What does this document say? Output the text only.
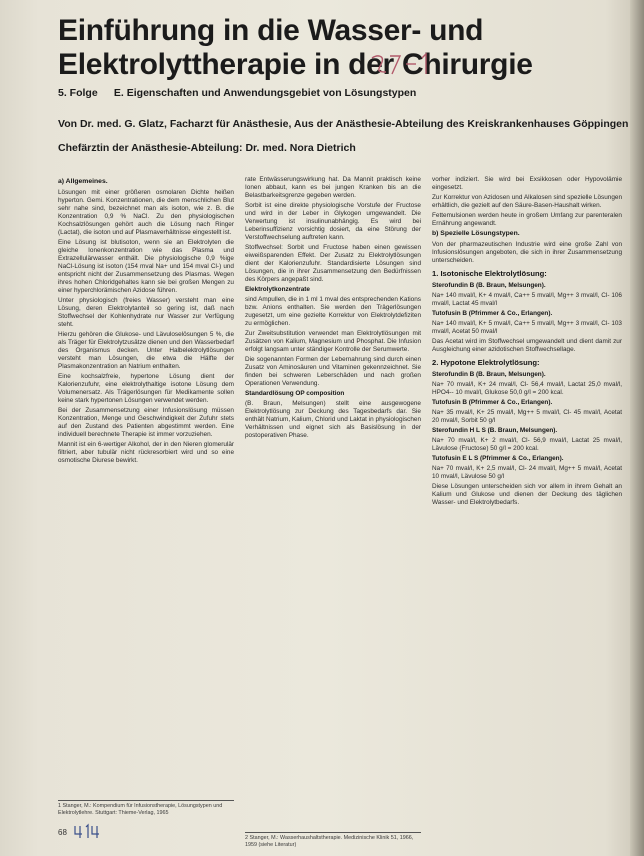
Einführung in die Wasser- und Elektrolyttherapie in der Chirurgie
5. Folge E. Eigenschaften und Anwendungsgebiet von Lösungstypen
Von Dr. med. G. Glatz, Facharzt für Anästhesie, Aus der Anästhesie-Abteilung des Kreiskrankenhauses Göppingen
Chefärztin der Anästhesie-Abteilung: Dr. med. Nora Dietrich

a) Allgemeines.

Lösungen mit einer größeren osmolaren Dichte heißen hyperton. Gemi. Konzentrationen, die dem menschlichen Blut sehr nahe sind, bezeichnet man als isoton, wie z. B. die Konzentration 0,9 % NaCl. Zu den physiologischen Kochsalzlösungen gehört auch die Lösung nach Ringer (Lactat), die isoton und auf Plasmaverhältnisse eingestellt ist.

Eine Lösung ist blutisoton, wenn sie an Elektrolyten die gleiche Ionenkonzentration wie das Plasma und Extrazellulärwasser enthält. Die physiologische 0,9 %ige NaCl-Lösung ist isoton (154 mval Na+ und 154 mval Cl-) und entspricht nicht der Zusammensetzung des Plasmas. Wegen ihres hohen Chloridgehaltes kann sie bei großen Mengen zu einer hyperchlorämischen Azidose führen.

Unter physiologisch (freies Wasser) versteht man eine Lösung, deren Elektrolytanteil so gering ist, daß nach Stoffwechsel der Kohlenhydrate nur Wasser zur Verfügung steht.

Hierzu gehören die Glukose- und Lävuloselösungen 5 %, die als Träger für Elektrolytzusätze dienen und den Wasserbedarf des Organismus decken. Unter Halbelektrolytlösungen versteht man Lösungen, die etwa die Hälfte der Plasmakonzentration an Natrium enthalten.

Eine kochsalzfreie, hypertone Lösung dient der Kalorienzufuhr, eine elektrolythaltige isotone Lösung dem Volumenersatz. Als Trägerlösungen für Medikamente sollen keine stark hypertonen Lösungen verwendet werden.

Bei der Zusammensetzung einer Infusionslösung müssen Konzentration, Menge und Geschwindigkeit der Zufuhr stets auf den Zustand des Patienten abgestimmt werden. Eine individuell berechnete Therapie ist immer vorzuziehen.

Mannit ist ein 6-wertiger Alkohol, der in den Nieren glomerulär filtriert, aber tubulär nicht rückresorbiert wird und so eine osmotische Diurese bewirkt.

1 Stanger, M.: Kompendium für Infusionstherapie, Lösungstypen und Elektrolytlehre. Stuttgart: Thieme-Verlag, 1965

rate Entwässerungswirkung hat. Da Mannit praktisch keine Ionen abbaut, kann es bei jungen Kranken bis an die Belastbarkeitsgrenze gegeben werden.

Sorbit ist eine direkte physiologische Vorstufe der Fructose und wird in der Leber in Glykogen umgewandelt. Die Verwertung ist insulinunabhängig. Es wird bei Leberinsuffizienz vorsichtig dosiert, da eine Störung der Verstoffwechselung auftreten kann.

Stoffwechsel: Sorbit und Fructose haben einen gewissen eiweißsparenden Effekt. Der Zusatz zu Elektrolytlösungen dient der Kalorienzufuhr. Standardisierte Lösungen sind Lösungen, die in ihrer Zusammensetzung den Bedürfnissen des Körpers angepaßt sind.

Elektrolytkonzentrate

sind Ampullen, die in 1 ml 1 mval des entsprechenden Kations bzw. Anions enthalten. Sie werden den Trägerlösungen zugesetzt, um eine gezielte Korrektur von Elektrolytdefiziten zu ermöglichen.

Zur Zweitsubstitution verwendet man Elektrolytlösungen mit Zusätzen von Kalium, Magnesium und Phosphat. Die Infusion erfolgt langsam unter ständiger Kontrolle der Serumwerte.

Die sogenannten Formen der Lebernahrung sind durch einen Zusatz von Aminosäuren und Vitaminen gekennzeichnet. Sie finden bei schweren Leberschäden und nach großen Operationen Verwendung.

Standardlösung OP composition

(B. Braun, Melsungen) stellt eine ausgewogene Elektrolytlösung zur Deckung des Tagesbedarfs dar. Sie enthält Natrium, Kalium, Chlorid und Laktat in physiologischen Verhältnissen und eignet sich als Basislösung in der postoperativen Phase.

2 Stanger, M.: Wasserhaushaltstherapie. Medizinische Klinik 51, 1966, 1959 (siehe Literatur)

vorher indiziert. Sie wird bei Exsikkosen oder Hypovolämie eingesetzt.

Zur Korrektur von Azidosen und Alkalosen sind spezielle Lösungen erhältlich, die gezielt auf den Säure-Basen-Haushalt wirken.

Fettemulsionen werden heute in großem Umfang zur parenteralen Ernährung angewandt.

b) Spezielle Lösungstypen.

Von der pharmazeutischen Industrie wird eine große Zahl von Infusionslösungen angeboten, die sich in ihrer Zusammensetzung unterscheiden.

1. Isotonische Elektrolytlösung:

Sterofundin B (B. Braun, Melsungen).

Na+ 140 mval/l, K+ 4 mval/l, Ca++ 5 mval/l, Mg++ 3 mval/l, Cl- 106 mval/l, Lactat 45 mval/l

Tutofusin B (Pfrimmer & Co., Erlangen).

Na+ 140 mval/l, K+ 5 mval/l, Ca++ 5 mval/l, Mg++ 3 mval/l, Cl- 103 mval/l, Acetat 50 mval/l

Das Acetat wird im Stoffwechsel umgewandelt und dient damit zur Ausgleichung einer azidotischen Stoffwechsellage.

2. Hypotone Elektrolytlösung:

Sterofundin B (B. Braun, Melsungen).

Na+ 70 mval/l, K+ 24 mval/l, Cl- 56,4 mval/l, Lactat 25,0 mval/l, HPO4-- 10 mval/l, Glukose 50,0 g/l = 200 kcal.

Tutofusin B (Pfrimmer & Co., Erlangen).

Na+ 35 mval/l, K+ 25 mval/l, Mg++ 5 mval/l, Cl- 45 mval/l, Acetat 20 mval/l, Sorbit 50 g/l

Sterofundin H L S (B. Braun, Melsungen).

Na+ 70 mval/l, K+ 2 mval/l, Cl- 56,9 mval/l, Lactat 25 mval/l, Lävulose (Fructose) 50 g/l = 200 kcal.

Tutofusin E L S (Pfrimmer & Co., Erlangen).

Na+ 70 mval/l, K+ 2,5 mval/l, Cl- 24 mval/l, Mg++ 5 mval/l, Acetat 10 mval/l, Lävulose 50 g/l

Diese Lösungen unterscheiden sich vor allem in ihrem Gehalt an Kalium und Glukose und dienen der Deckung des täglichen Wasser- und Elektrolytbedarfs.

68
